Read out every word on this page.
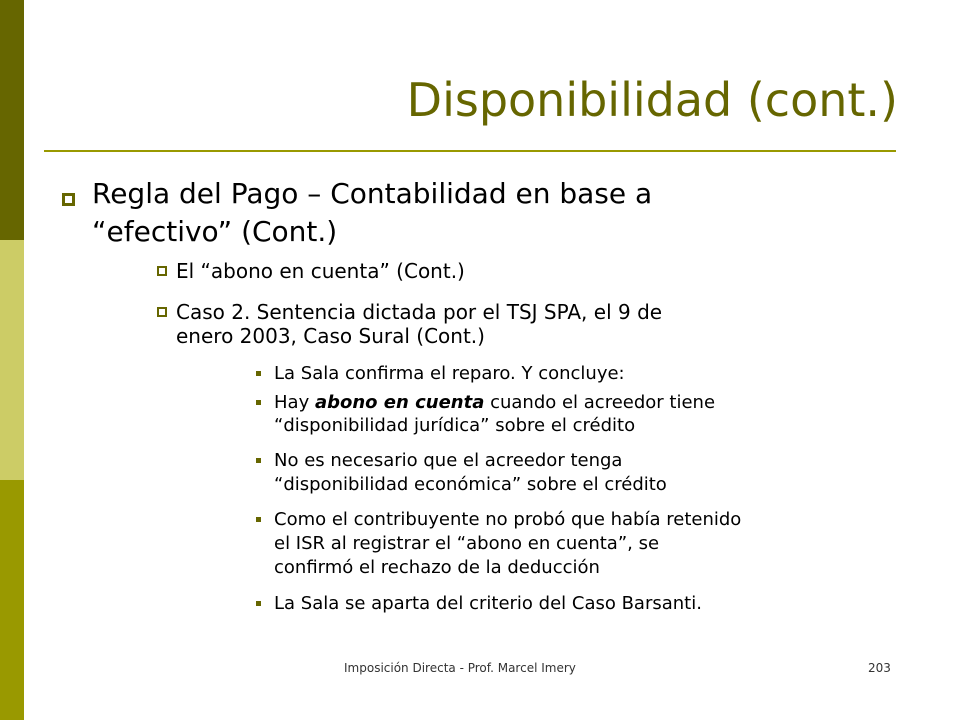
Disponibilidad (cont.)
Regla del Pago – Contabilidad en base a
“efectivo” (Cont.)
El “abono en cuenta” (Cont.)
Caso 2. Sentencia dictada por el TSJ SPA, el 9 de
enero 2003, Caso Sural (Cont.)
La Sala confirma el reparo. Y concluye:
Hay abono en cuenta cuando el acreedor tiene
“disponibilidad jurídica” sobre el crédito
No es necesario que el acreedor tenga
“disponibilidad económica” sobre el crédito
Como el contribuyente no probó que había retenido
el ISR al registrar el “abono en cuenta”, se
confirmó el rechazo de la deducción
La Sala se aparta del criterio del Caso Barsanti.
Imposición Directa - Prof. Marcel Imery	203
